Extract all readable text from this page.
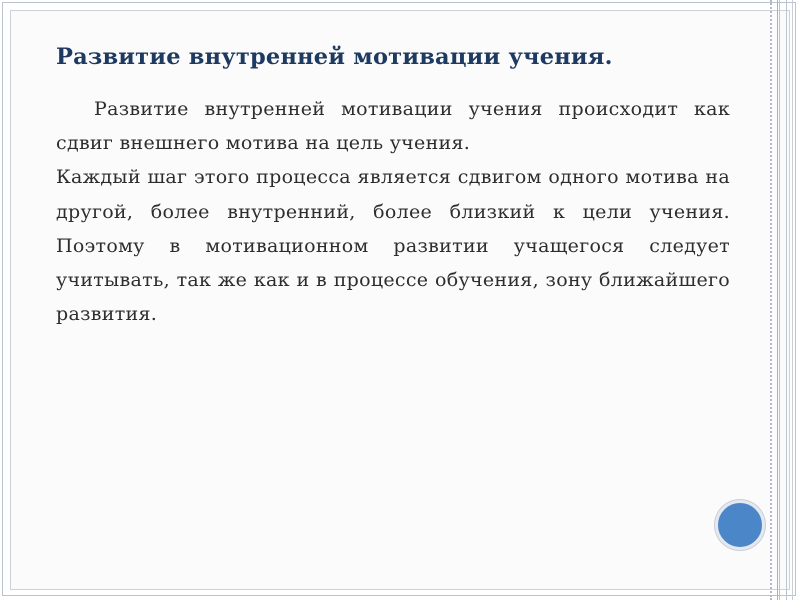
Развитие внутренней мотивации учения.

Развитие внутренней мотивации учения происходит как сдвиг внешнего мотива на цель учения.

Каждый шаг этого процесса является сдвигом одного мотива на другой, более внутренний, более близкий к цели учения. Поэтому в мотивационном развитии учащегося следует учитывать, так же как и в процессе обучения, зону ближайшего развития.
